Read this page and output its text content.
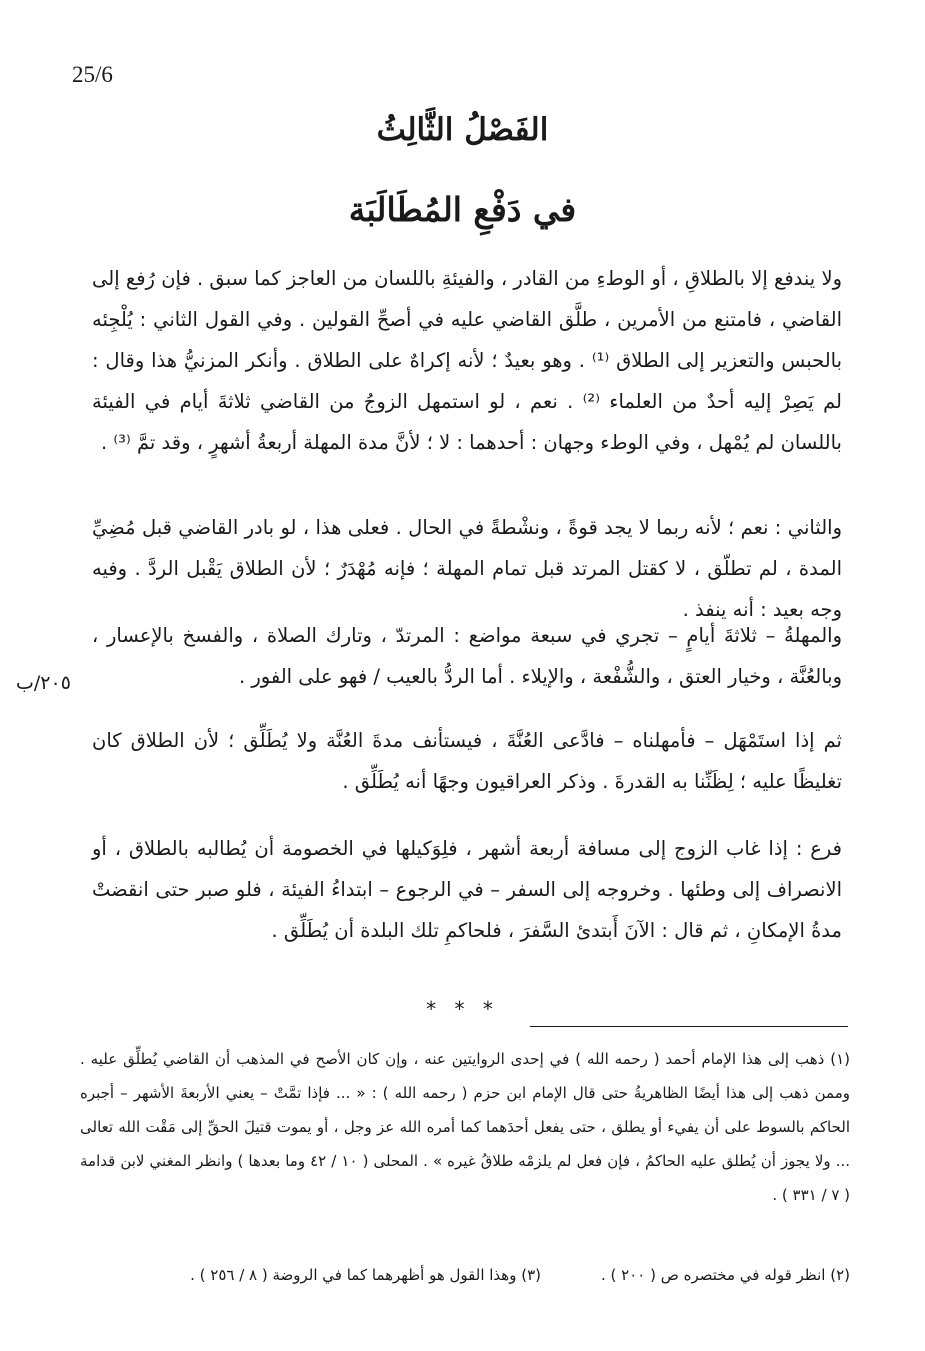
25/6
الفَصْلُ الثَّالِثُ
في دَفْعِ المُطَالَبَة
ولا يندفع إلا بالطلاقِ ، أو الوطءِ من القادر ، والفيئةِ باللسان من العاجز كما سبق . فإن رُفع إلى القاضي ، فامتنع من الأمرين ، طلَّق القاضي عليه في أصحِّ القولين . وفي القول الثاني : يُلْجِئه بالحبس والتعزير إلى الطلاق ⁽¹⁾ . وهو بعيدٌ ؛ لأنه إكراهٌ على الطلاق . وأنكر المزنيُّ هذا وقال : لم يَصِرْ إليه أحدٌ من العلماء ⁽²⁾ . نعم ، لو استمهل الزوجُ من القاضي ثلاثةَ أيام في الفيئة باللسان لم يُمْهل ، وفي الوطء وجهان : أحدهما : لا ؛ لأنَّ مدة المهلة أربعةُ أشهرٍ ، وقد تمَّ ⁽³⁾ .
والثاني : نعم ؛ لأنه ربما لا يجد قوةً ، ونشْطةً في الحال . فعلى هذا ، لو بادر القاضي قبل مُضِيِّ المدة ، لم تطلّق ، لا كقتل المرتد قبل تمام المهلة ؛ فإنه مُهْدَرٌ ؛ لأن الطلاق يَقْبل الردَّ . وفيه وجه بعيد : أنه ينفذ .
والمهلةُ – ثلاثةَ أيامٍ – تجري في سبعة مواضع : المرتدّ ، وتارك الصلاة ، والفسخ بالإعسار ، وبالعُنَّة ، وخيار العتق ، والشُّفْعة ، والإيلاء . أما الردُّ بالعيب / فهو على الفور .
٢٠٥/ب
ثم إذا استَمْهَل – فأمهلناه – فادَّعى العُنَّةَ ، فيستأنف مدةَ العُنَّة ولا يُطَلِّق ؛ لأن الطلاق كان تغليظًا عليه ؛ لِظَنِّنا به القدرةَ . وذكر العراقيون وجهًا أنه يُطَلِّق .
فرع : إذا غاب الزوج إلى مسافة أربعة أشهر ، فلِوَكيلها في الخصومة أن يُطالبه بالطلاق ، أو الانصراف إلى وطئها . وخروجه إلى السفر – في الرجوع – ابتداءُ الفيئة ، فلو صبر حتى انقضتْ مدةُ الإمكانِ ، ثم قال : الآنَ أَبتدئ السَّفرَ ، فلحاكمِ تلك البلدة أن يُطَلِّق .
* * *
(١) ذهب إلى هذا الإمام أحمد ( رحمه الله ) في إحدى الروايتين عنه ، وإن كان الأصح في المذهب أن القاضي يُطلِّق عليه . وممن ذهب إلى هذا أيضًا الظاهريةُ حتى قال الإمام ابن حزم ( رحمه الله ) : « ... فإذا تمَّتْ – يعني الأربعةَ الأشهر – أجبره الحاكم بالسوط على أن يفيء أو يطلق ، حتى يفعل أحدَهما كما أمره الله عز وجل ، أو يموت قتيلَ الحقِّ إلى مَقْت الله تعالى ... ولا يجوز أن يُطلق عليه الحاكمُ ، فإن فعل لم يلزمْه طلاقُ غيره » . المحلى ( ١٠ / ٤٢ وما بعدها ) وانظر المغني لابن قدامة ( ٧ / ٣٣١ ) .
(٢) انظر قوله في مختصره ص ( ٢٠٠ ) .
(٣) وهذا القول هو أظهرهما كما في الروضة ( ٨ / ٢٥٦ ) .
